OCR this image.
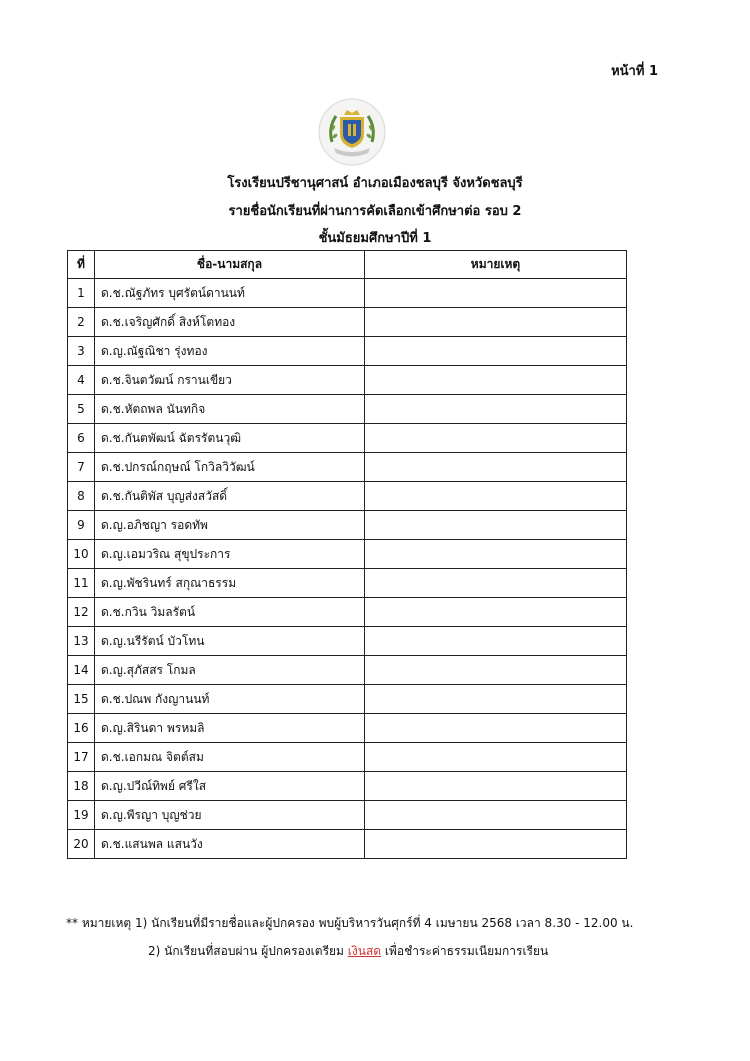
หน้าที่ 1
โรงเรียนปรีชานุศาสน์ อำเภอเมืองชลบุรี จังหวัดชลบุรี
รายชื่อนักเรียนที่ผ่านการคัดเลือกเข้าศึกษาต่อ รอบ 2
ชั้นมัธยมศึกษาปีที่ 1
ที่	ชื่อ-นามสกุล	หมายเหตุ
1	ด.ช.ณัฐภัทร บุศรัตน์ดานนท์	
2	ด.ช.เจริญศักดิ์ สิงห์โตทอง	
3	ด.ญ.ณัฐณิชา รุ่งทอง	
4	ด.ช.จินตวัฒน์ กรานเขียว	
5	ด.ช.หัตถพล นันทกิจ	
6	ด.ช.กันตพัฒน์ ฉัตรรัตนวุฒิ	
7	ด.ช.ปกรณ์กฤษณ์ โกวิลวิวัฒน์	
8	ด.ช.กันติพัส บุญส่งสวัสดิ์	
9	ด.ญ.อภิชญา รอดทัพ	
10	ด.ญ.เอมวริณ สุขุประการ	
11	ด.ญ.พัชรินทร์ สกุณาธรรม	
12	ด.ช.กวิน วิมลรัตน์	
13	ด.ญ.นรีรัตน์ บัวโทน	
14	ด.ญ.สุภัสสร โกมล	
15	ด.ช.ปณพ กังญานนท์	
16	ด.ญ.สิรินดา พรหมลิ	
17	ด.ช.เอกมณ จิตต์สม	
18	ด.ญ.ปวีณ์ทิพย์ ศรีใส	
19	ด.ญ.พีรญา บุญช่วย	
20	ด.ช.แสนพล แสนวัง	
** หมายเหตุ 1) นักเรียนที่มีรายชื่อและผู้ปกครอง พบผู้บริหารวันศุกร์ที่ 4 เมษายน 2568 เวลา 8.30 - 12.00 น.
2) นักเรียนที่สอบผ่าน ผู้ปกครองเตรียม เงินสด เพื่อชำระค่าธรรมเนียมการเรียน
